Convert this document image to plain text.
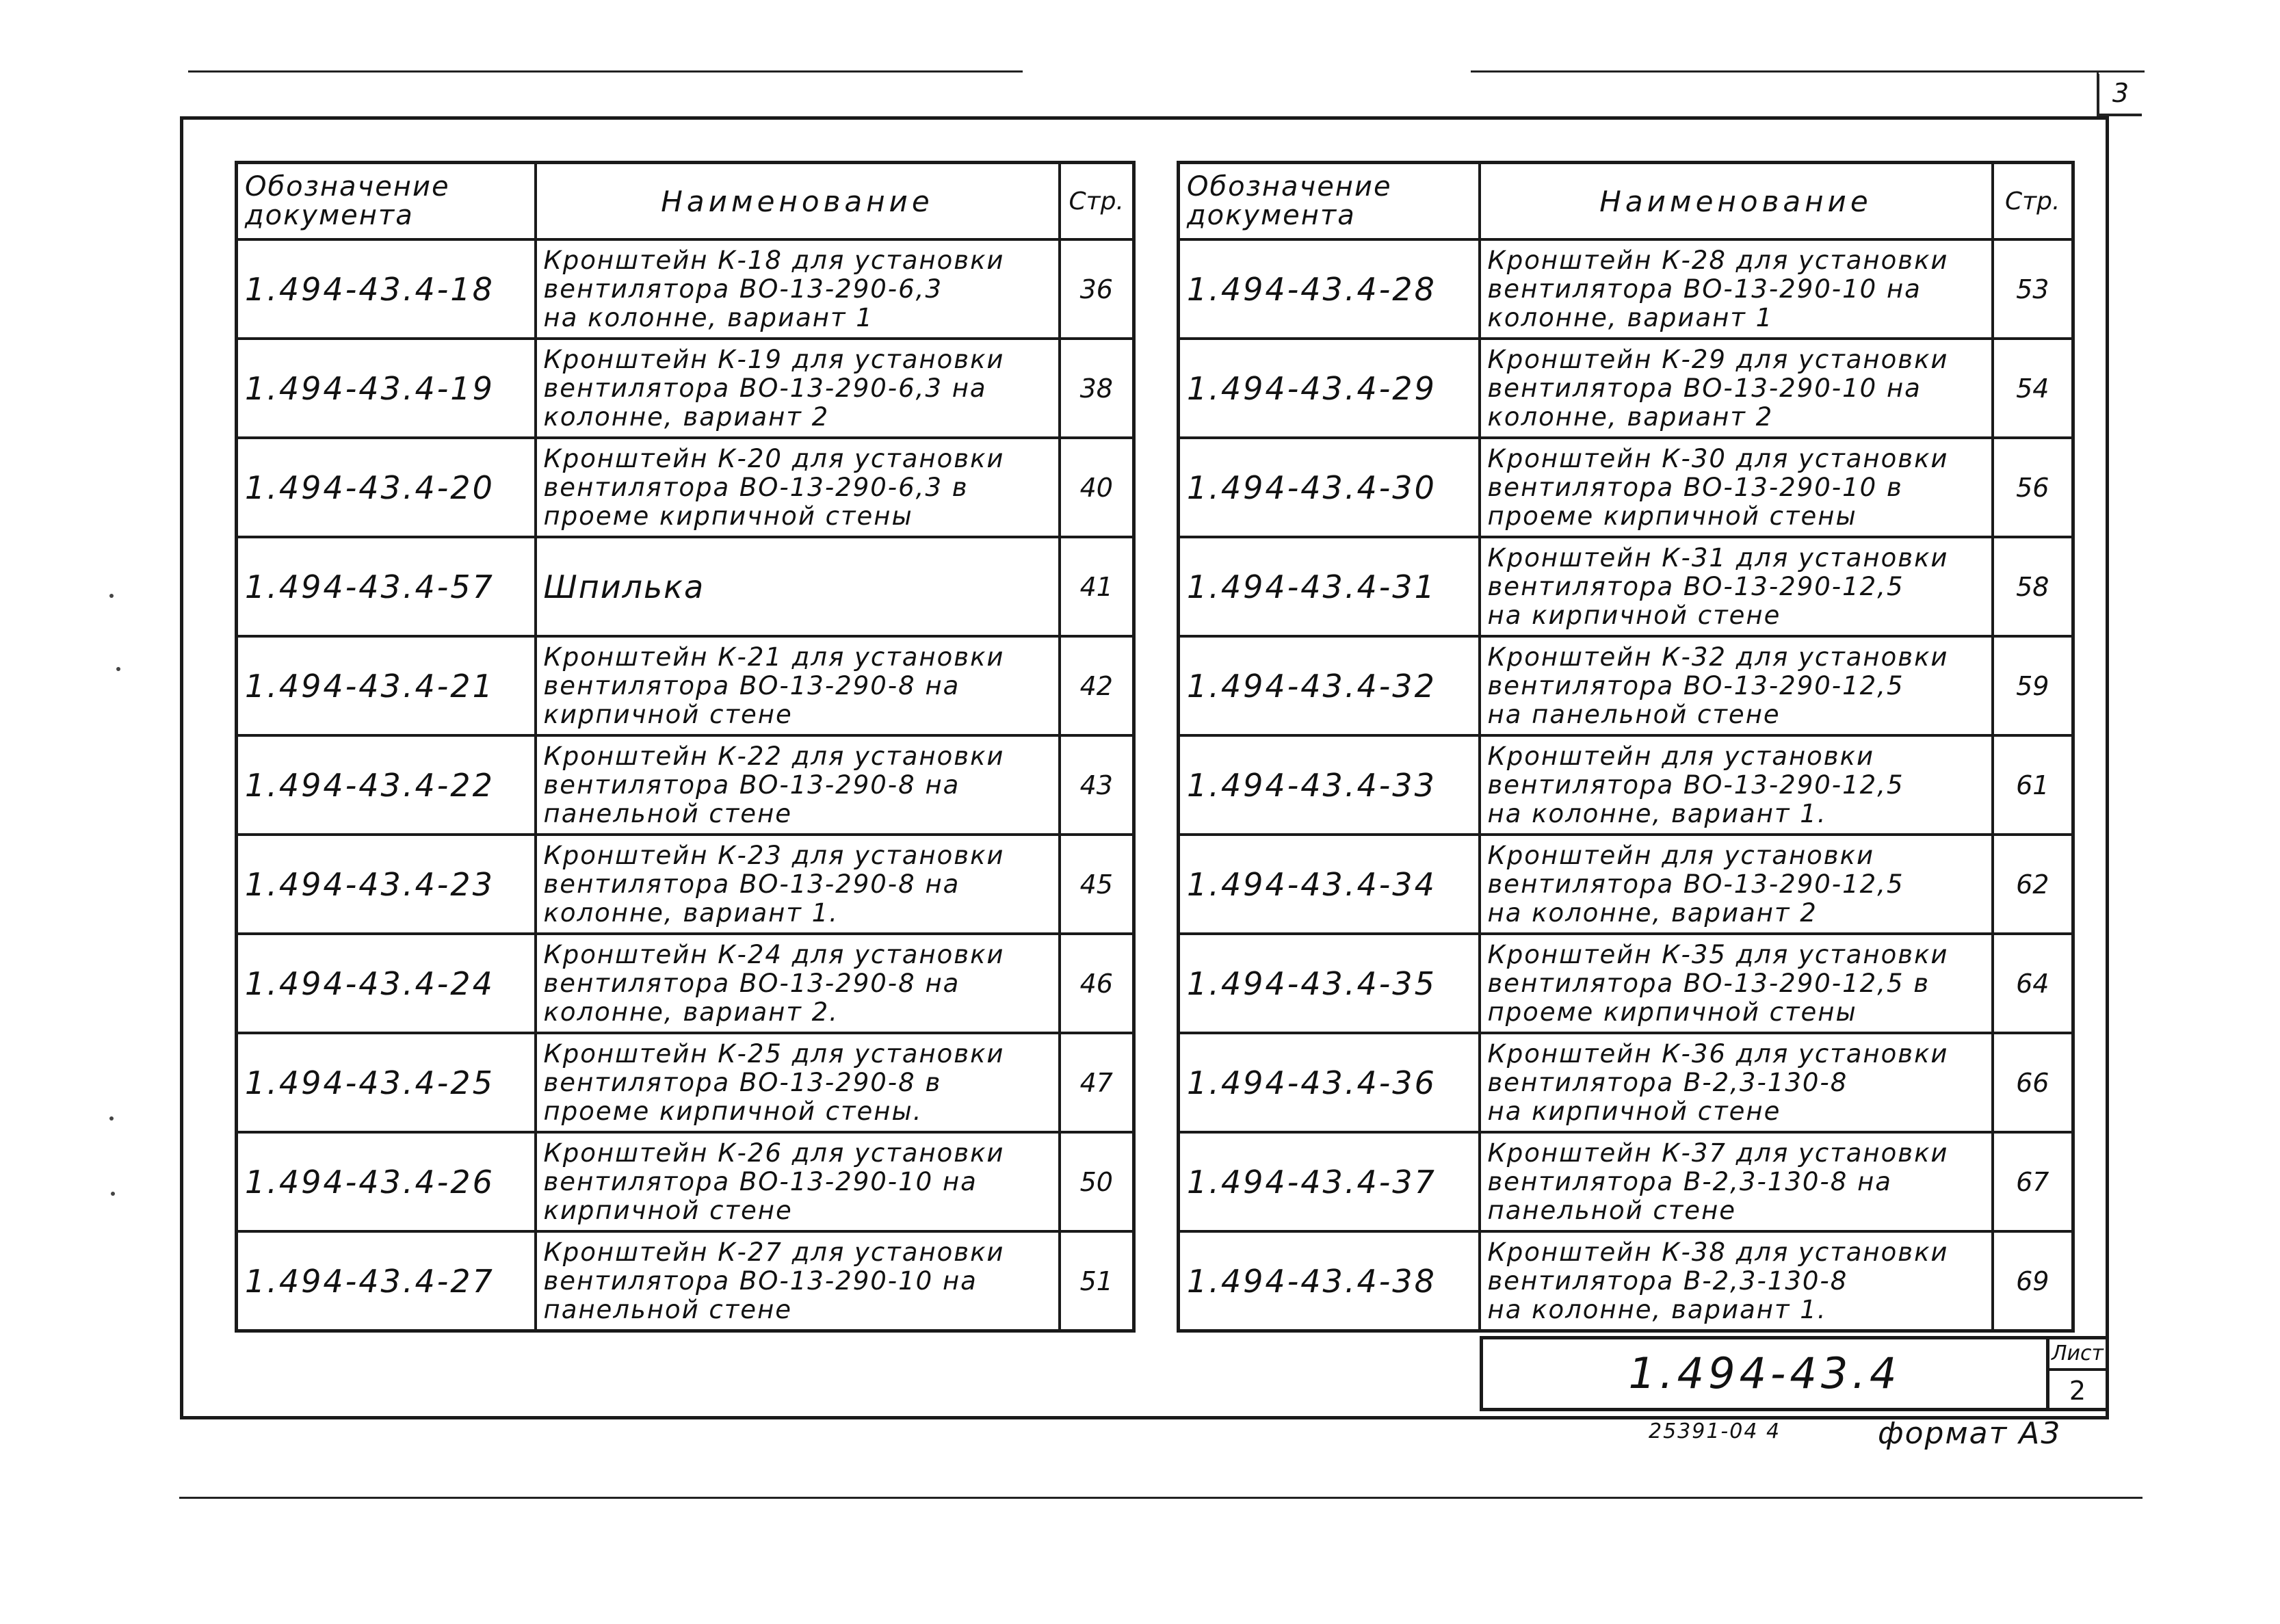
3
Обозначение
документа	Наименование	Стр.
1.494-43.4-18	Кронштейн К-18 для установки
вентилятора ВО-13-290-6,3
на колонне, вариант 1	36
1.494-43.4-19	Кронштейн К-19 для установки
вентилятора ВО-13-290-6,3 на
колонне, вариант 2	38
1.494-43.4-20	Кронштейн К-20 для установки
вентилятора ВО-13-290-6,3 в
проеме кирпичной стены	40
1.494-43.4-57	Шпилька	41
1.494-43.4-21	Кронштейн К-21 для установки
вентилятора ВО-13-290-8 на
кирпичной стене	42
1.494-43.4-22	Кронштейн К-22 для установки
вентилятора ВО-13-290-8 на
панельной стене	43
1.494-43.4-23	Кронштейн К-23 для установки
вентилятора ВО-13-290-8 на
колонне, вариант 1.	45
1.494-43.4-24	Кронштейн К-24 для установки
вентилятора ВО-13-290-8 на
колонне, вариант 2.	46
1.494-43.4-25	Кронштейн К-25 для установки
вентилятора ВО-13-290-8 в
проеме кирпичной стены.	47
1.494-43.4-26	Кронштейн К-26 для установки
вентилятора ВО-13-290-10 на
кирпичной стене	50
1.494-43.4-27	Кронштейн К-27 для установки
вентилятора ВО-13-290-10 на
панельной стене	51
Обозначение
документа	Наименование	Стр.
1.494-43.4-28	Кронштейн К-28 для установки
вентилятора ВО-13-290-10 на
колонне, вариант 1	53
1.494-43.4-29	Кронштейн К-29 для установки
вентилятора ВО-13-290-10 на
колонне, вариант 2	54
1.494-43.4-30	Кронштейн К-30 для установки
вентилятора ВО-13-290-10 в
проеме кирпичной стены	56
1.494-43.4-31	Кронштейн К-31 для установки
вентилятора ВО-13-290-12,5
на кирпичной стене	58
1.494-43.4-32	Кронштейн К-32 для установки
вентилятора ВО-13-290-12,5
на панельной стене	59
1.494-43.4-33	Кронштейн для установки
вентилятора ВО-13-290-12,5
на колонне, вариант 1.	61
1.494-43.4-34	Кронштейн для установки
вентилятора ВО-13-290-12,5
на колонне, вариант 2	62
1.494-43.4-35	Кронштейн К-35 для установки
вентилятора ВО-13-290-12,5 в
проеме кирпичной стены	64
1.494-43.4-36	Кронштейн К-36 для установки
вентилятора В-2,3-130-8
на кирпичной стене	66
1.494-43.4-37	Кронштейн К-37 для установки
вентилятора В-2,3-130-8 на
панельной стене	67
1.494-43.4-38	Кронштейн К-38 для установки
вентилятора В-2,3-130-8
на колонне, вариант 1.	69
1.494-43.4	Лист
2
25391-04 4	формат А3
